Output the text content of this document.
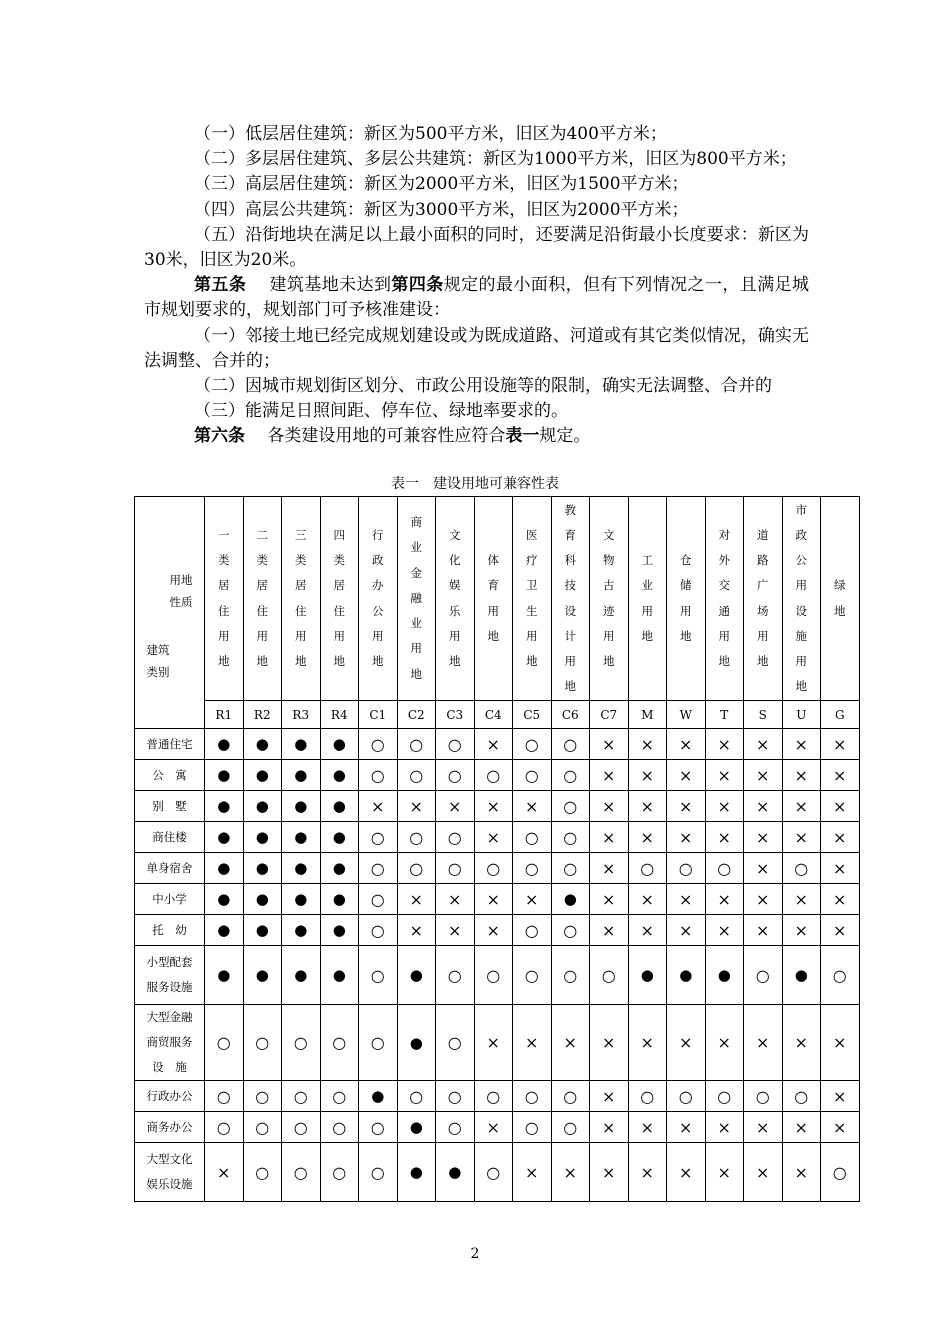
（一）低层居住建筑：新区为500平方米，旧区为400平方米；

（二）多层居住建筑、多层公共建筑：新区为1000平方米，旧区为800平方米；

（三）高层居住建筑：新区为2000平方米，旧区为1500平方米；

（四）高层公共建筑：新区为3000平方米，旧区为2000平方米；

（五）沿街地块在满足以上最小面积的同时，还要满足沿街最小长度要求：新区为30米，旧区为20米。

第五条　 建筑基地未达到第四条规定的最小面积，但有下列情况之一，且满足城市规划要求的，规划部门可予核准建设：

（一）邻接土地已经完成规划建设或为既成道路、河道或有其它类似情况，确实无法调整、合并的；

（二）因城市规划街区划分、市政公用设施等的限制，确实无法调整、合并的

（三）能满足日照间距、停车位、绿地率要求的。

第六条　 各类建设用地的可兼容性应符合表一规定。

表一　建设用地可兼容性表
用地
性质
建筑
类别	一类居住用地	二类居住用地	三类居住用地	四类居住用地	行政办公用地	商业金融业用地	文化娱乐用地	体育用地	医疗卫生用地	教育科技设计用地	文物古迹用地	工业用地	仓储用地	对外交通用地	道路广场用地	市政公用设施用地	绿地
	R1	R2	R3	R4	C1	C2	C3	C4	C5	C6	C7	M	W	T	S	U	G

普通住宅	●	●	●	●	○	○	○	×	○	○	×	×	×	×	×	×	×

公　寓	●	●	●	●	○	○	○	○	○	○	×	×	×	×	×	×	×

别　墅	●	●	●	●	×	×	×	×	×	○	×	×	×	×	×	×	×

商住楼	●	●	●	●	○	○	○	×	○	○	×	×	×	×	×	×	×

单身宿舍	●	●	●	●	○	○	○	○	○	○	×	○	○	○	×	○	×

中小学	●	●	●	●	○	×	×	×	×	●	×	×	×	×	×	×	×

托　幼	●	●	●	●	○	×	×	×	○	○	×	×	×	×	×	×	×

小型配套
服务设施	●	●	●	●	○	●	○	○	○	○	○	●	●	●	○	●	○

大型金融
商贸服务
设　施	○	○	○	○	○	●	○	×	×	×	×	×	×	×	×	×	×

行政办公	○	○	○	○	●	○	○	○	○	○	×	○	○	○	○	○	×

商务办公	○	○	○	○	○	●	○	×	○	○	×	×	×	×	×	×	×

大型文化
娱乐设施	×	○	○	○	○	●	●	○	×	×	×	×	×	×	×	×	○
2
